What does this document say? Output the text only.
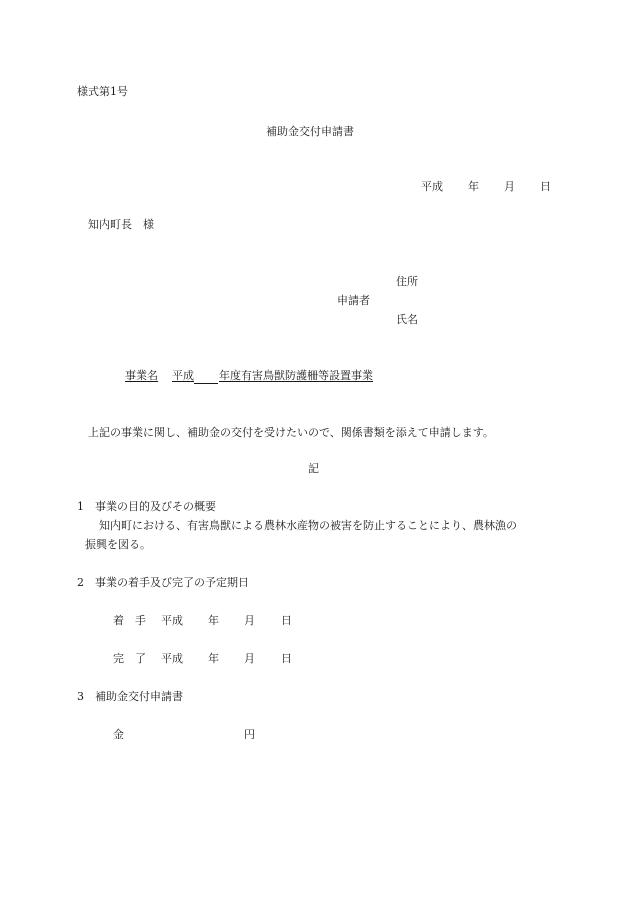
様式第1号
補助金交付申請書
平成 年 月 日
知内町長　様
住所
申請者
氏名
事業名 平成 年度有害鳥獣防護柵等設置事業
上記の事業に関し、補助金の交付を受けたいので、関係書類を添えて申請します。
記
1　事業の目的及びその概要
知内町における、有害鳥獣による農林水産物の被害を防止することにより、農林漁の
振興を図る。
2　事業の着手及び完了の予定期日
着　手 平成 年 月 日
完　了 平成 年 月 日
3　補助金交付申請書
金	円
